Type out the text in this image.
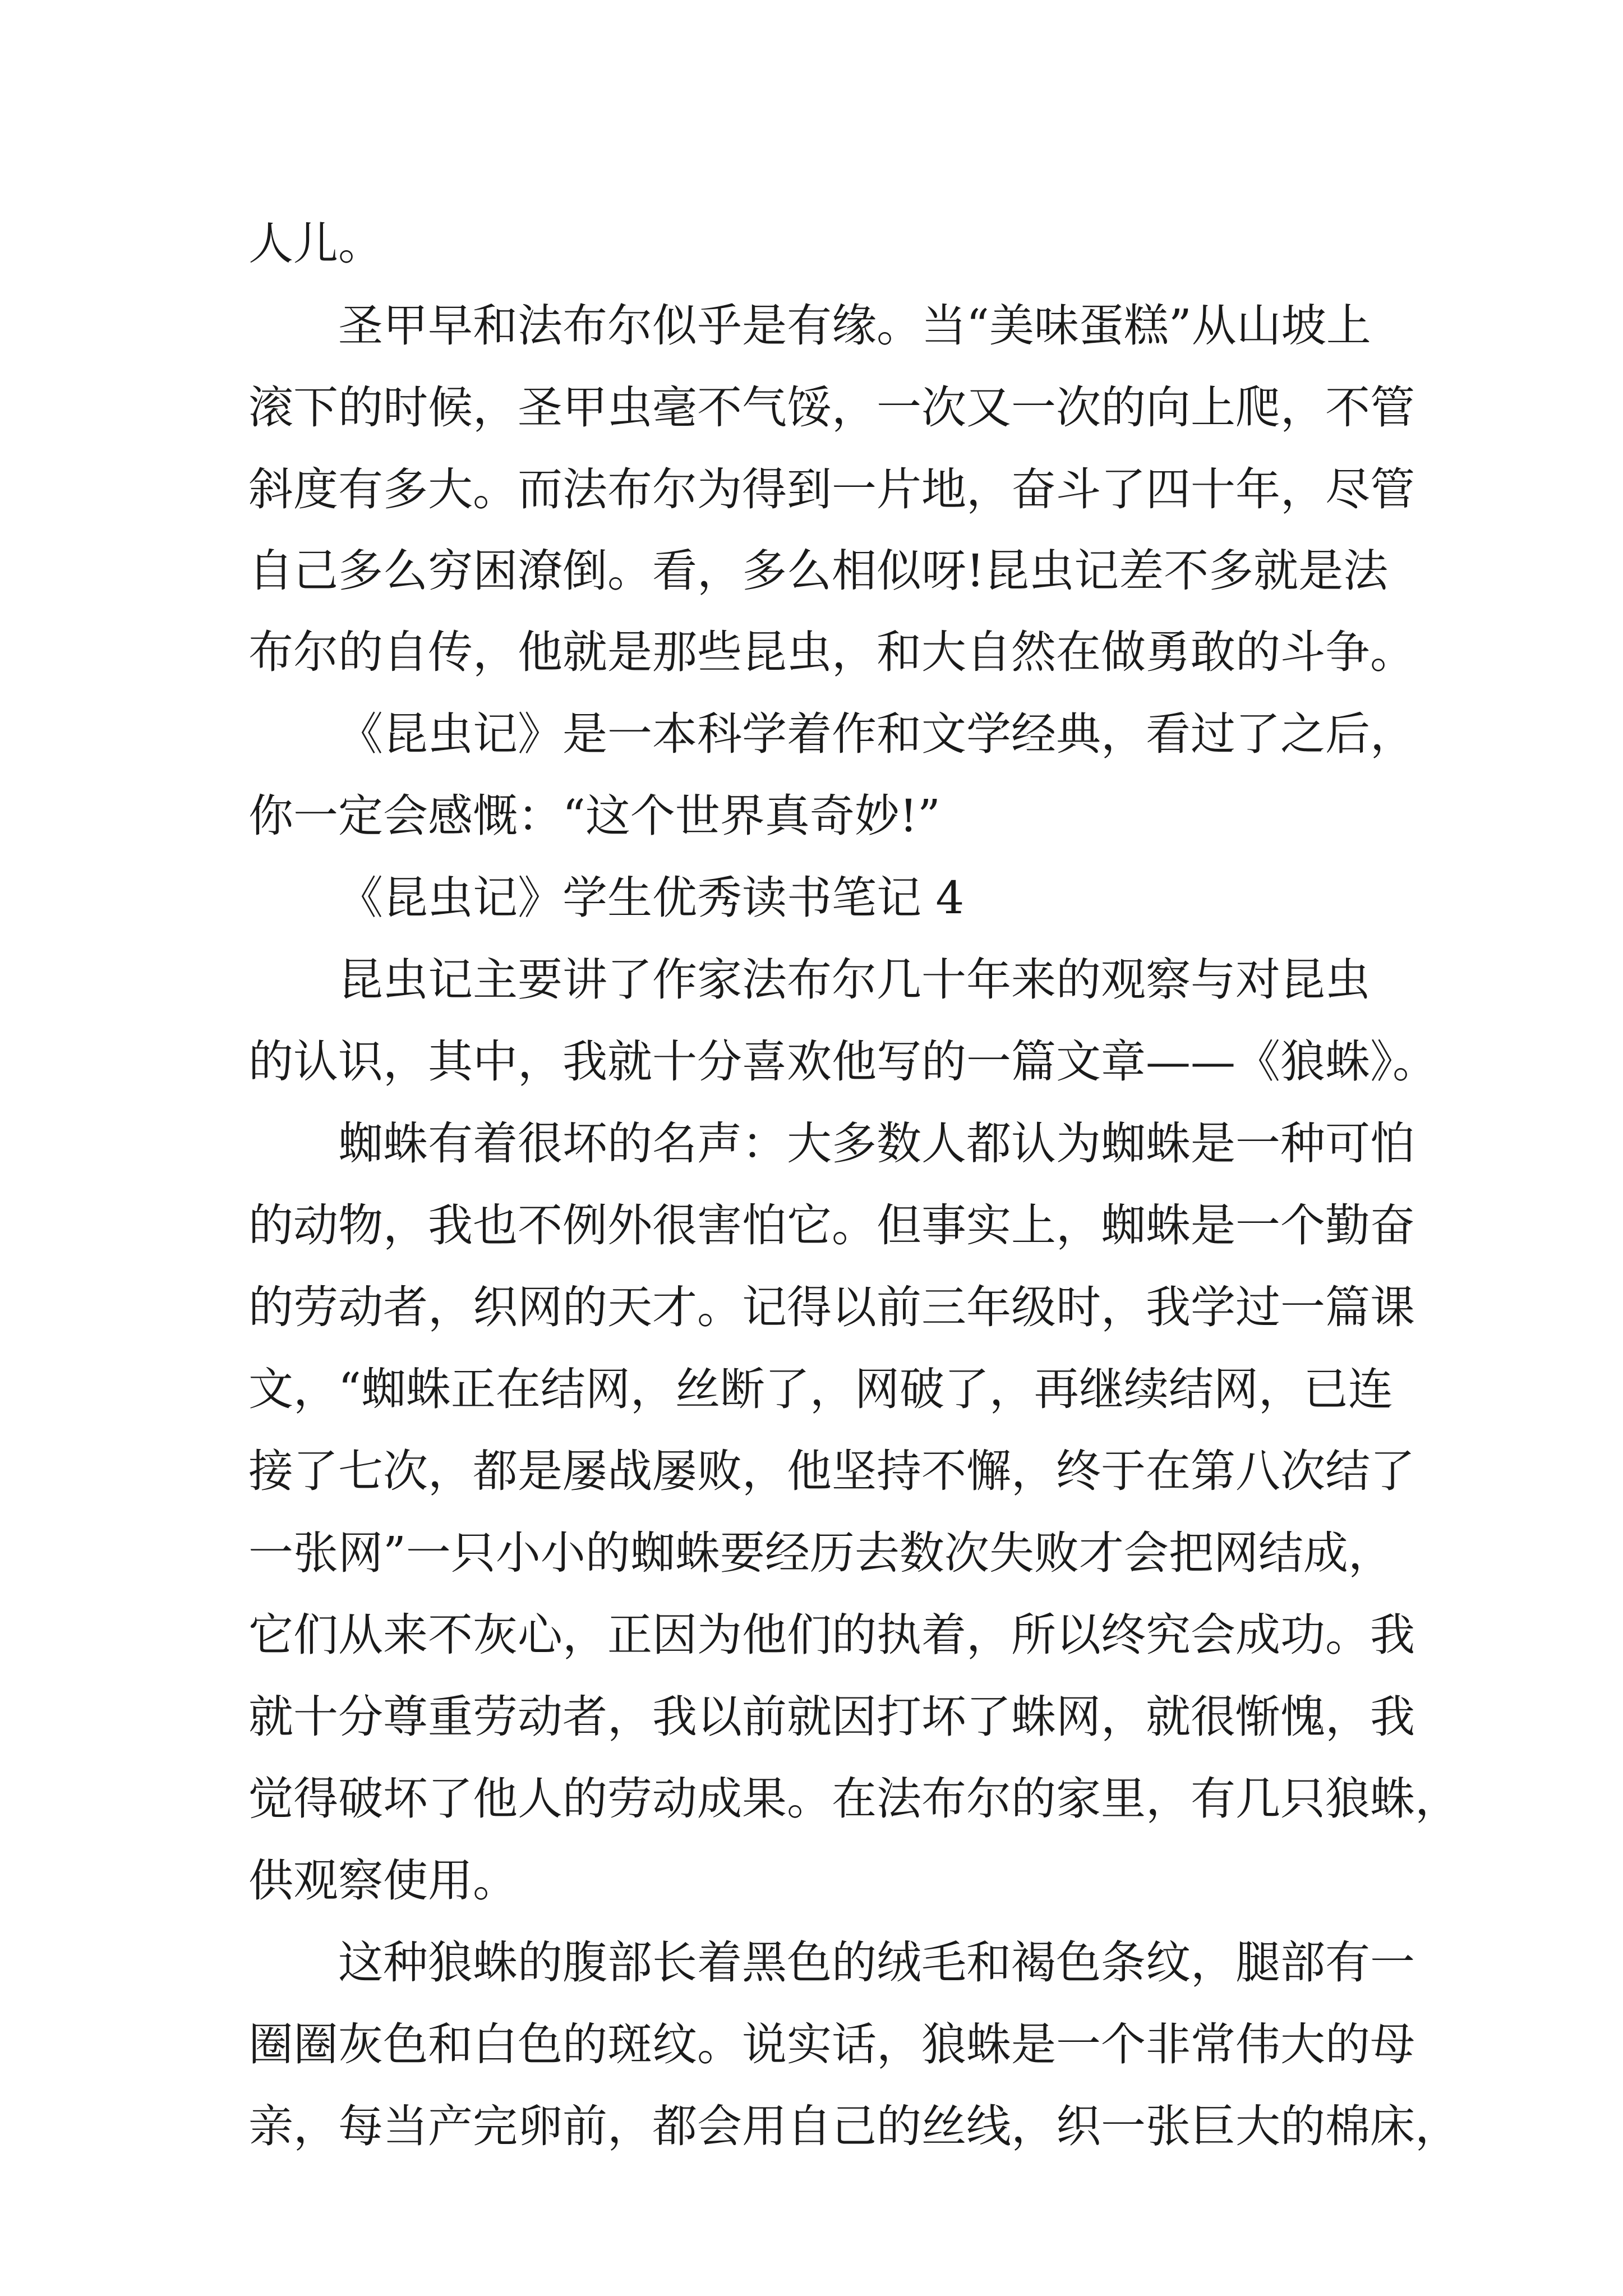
人儿。

圣甲早和法布尔似乎是有缘。当“美味蛋糕”从山坡上

滚下的时候，圣甲虫毫不气馁，一次又一次的向上爬，不管

斜度有多大。而法布尔为得到一片地，奋斗了四十年，尽管

自己多么穷困潦倒。看，多么相似呀!昆虫记差不多就是法

布尔的自传，他就是那些昆虫，和大自然在做勇敢的斗争。

《昆虫记》是一本科学着作和文学经典，看过了之后，

你一定会感慨：“这个世界真奇妙!”

《昆虫记》学生优秀读书笔记 4

昆虫记主要讲了作家法布尔几十年来的观察与对昆虫

的认识，其中，我就十分喜欢他写的一篇文章——《狼蛛》。

蜘蛛有着很坏的名声：大多数人都认为蜘蛛是一种可怕

的动物，我也不例外很害怕它。但事实上，蜘蛛是一个勤奋

的劳动者，织网的天才。记得以前三年级时，我学过一篇课

文，“蜘蛛正在结网，丝断了，网破了，再继续结网，已连

接了七次，都是屡战屡败，他坚持不懈，终于在第八次结了

一张网”一只小小的蜘蛛要经历去数次失败才会把网结成，

它们从来不灰心，正因为他们的执着，所以终究会成功。我

就十分尊重劳动者，我以前就因打坏了蛛网，就很惭愧，我

觉得破坏了他人的劳动成果。在法布尔的家里，有几只狼蛛，

供观察使用。

这种狼蛛的腹部长着黑色的绒毛和褐色条纹，腿部有一

圈圈灰色和白色的斑纹。说实话，狼蛛是一个非常伟大的母

亲，每当产完卵前，都会用自己的丝线，织一张巨大的棉床，
